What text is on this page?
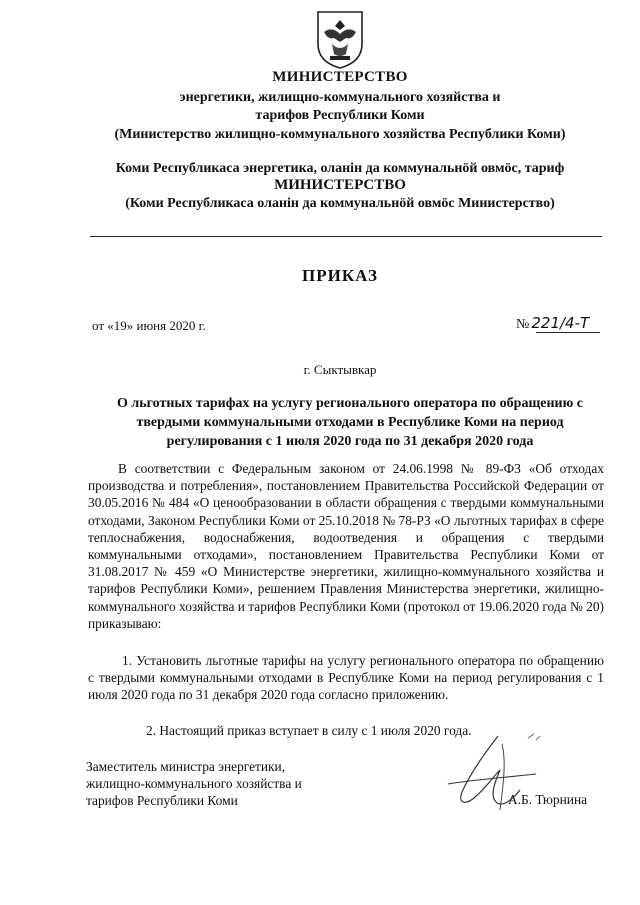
МИНИСТЕРСТВО
энергетики, жилищно-коммунального хозяйства и
тарифов Республики Коми
(Министерство жилищно-коммунального хозяйства Республики Коми)
Коми Республикаса энергетика, оланiн да коммунальнöй овмöс, тариф
МИНИСТЕРСТВО
(Коми Республикаса оланiн да коммунальнöй овмöс Министерство)
ПРИКАЗ
от «19» июня 2020 г.	№ 221/4-Т
г. Сыктывкар
О льготных тарифах на услугу регионального оператора по обращению с твердыми коммунальными отходами в Республике Коми на период регулирования с 1 июля 2020 года по 31 декабря 2020 года
В соответствии с Федеральным законом от 24.06.1998 № 89-ФЗ «Об отходах производства и потребления», постановлением Правительства Российской Федерации от 30.05.2016 № 484 «О ценообразовании в области обращения с твердыми коммунальными отходами, Законом Республики Коми от 25.10.2018 № 78-РЗ «О льготных тарифах в сфере теплоснабжения, водоснабжения, водоотведения и обращения с твердыми коммунальными отходами», постановлением Правительства Республики Коми от 31.08.2017 № 459 «О Министерстве энергетики, жилищно-коммунального хозяйства и тарифов Республики Коми», решением Правления Министерства энергетики, жилищно-коммунального хозяйства и тарифов Республики Коми (протокол от 19.06.2020 года № 20) приказываю:
1. Установить льготные тарифы на услугу регионального оператора по обращению с твердыми коммунальными отходами в Республике Коми на период регулирования с 1 июля 2020 года по 31 декабря 2020 года согласно приложению.
2. Настоящий приказ вступает в силу с 1 июля 2020 года.
Заместитель министра энергетики,
жилищно-коммунального хозяйства и
тарифов Республики Коми	А.Б. Тюрнина
